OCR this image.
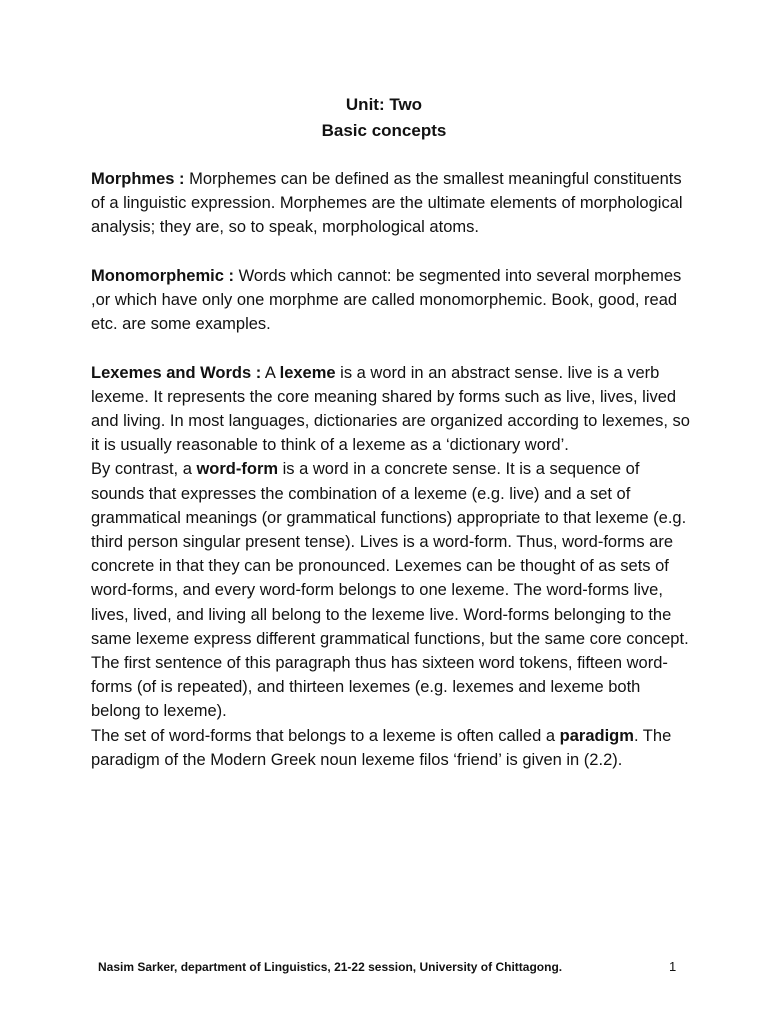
Unit: Two
Basic concepts

Morphmes : Morphemes can be defined as the smallest meaningful constituents of a linguistic expression. Morphemes are the ultimate elements of morphological analysis; they are, so to speak, morphological atoms.

Monomorphemic : Words which cannot: be segmented into several morphemes ,or which have only one morphme are called monomorphemic. Book, good, read etc. are some examples.

Lexemes and Words : A lexeme is a word in an abstract sense. live is a verb lexeme. It represents the core meaning shared by forms such as live, lives, lived and living. In most languages, dictionaries are organized according to lexemes, so it is usually reasonable to think of a lexeme as a ‘dictionary word’.

By contrast, a word-form is a word in a concrete sense. It is a sequence of sounds that expresses the combination of a lexeme (e.g. live) and a set of grammatical meanings (or grammatical functions) appropriate to that lexeme (e.g. third person singular present tense). Lives is a word-form. Thus, word-forms are concrete in that they can be pronounced. Lexemes can be thought of as sets of word-forms, and every word-form belongs to one lexeme. The word-forms live, lives, lived, and living all belong to the lexeme live. Word-forms belonging to the same lexeme express different grammatical functions, but the same core concept. The first sentence of this paragraph thus has sixteen word tokens, fifteen word-forms (of is repeated), and thirteen lexemes (e.g. lexemes and lexeme both belong to lexeme).

The set of word-forms that belongs to a lexeme is often called a paradigm. The paradigm of the Modern Greek noun lexeme filos ‘friend’ is given in (2.2).

Nasim Sarker, department of Linguistics, 21-22 session, University of Chittagong.	1
